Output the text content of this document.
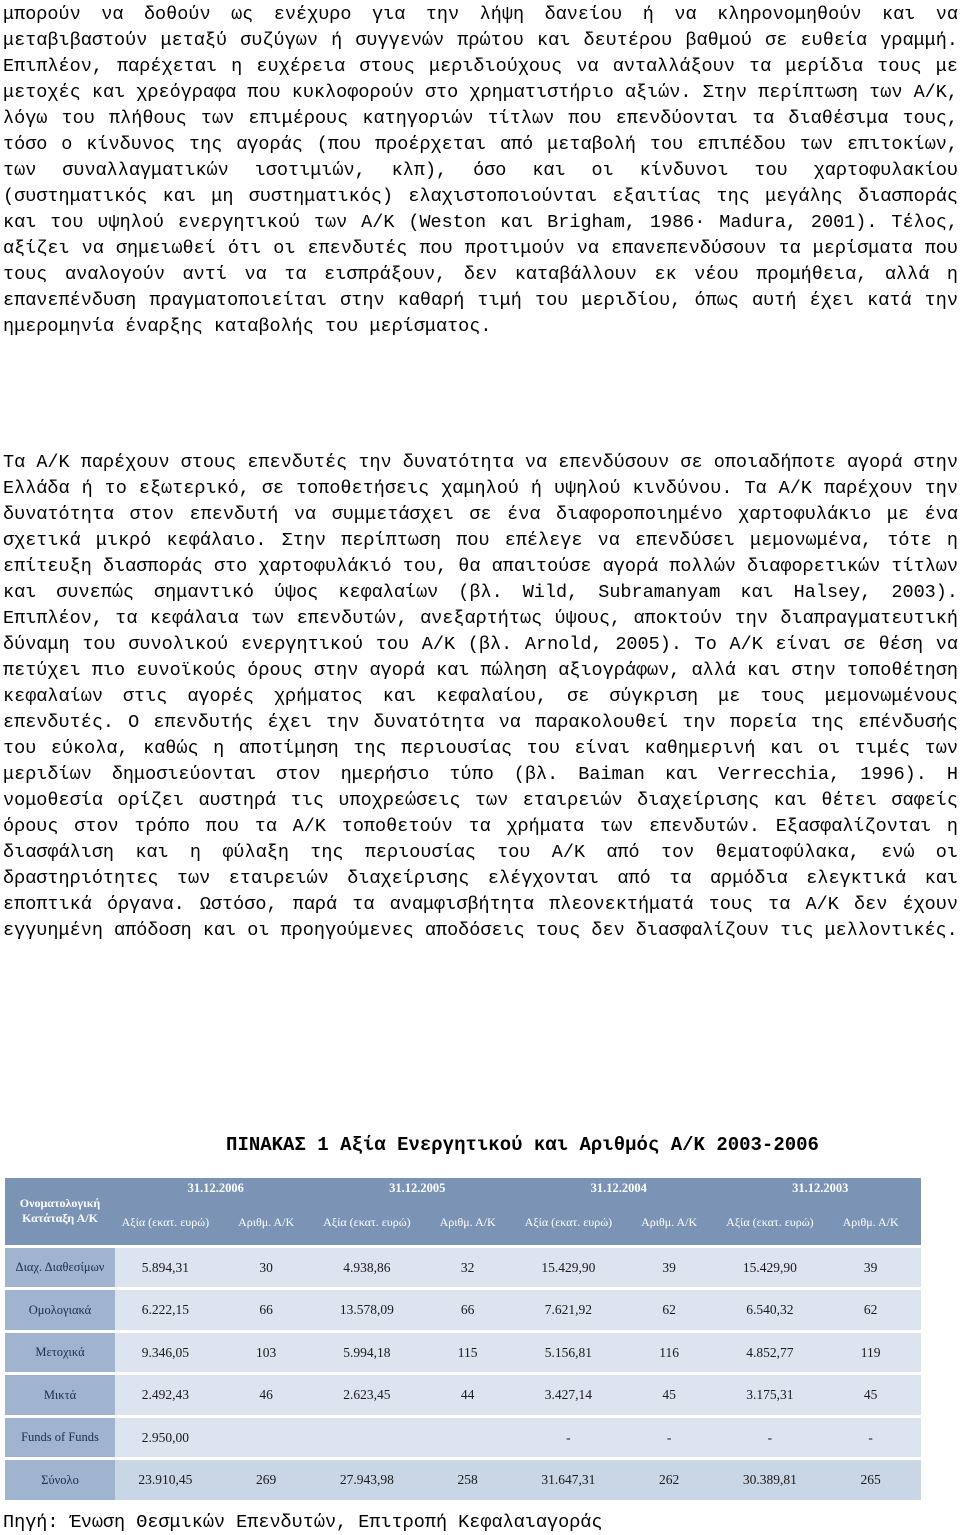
μπορούν να δοθούν ως ενέχυρο για την λήψη δανείου ή να κληρονομηθούν και να μεταβιβαστούν μεταξύ συζύγων ή συγγενών πρώτου και δευτέρου βαθμού σε ευθεία γραμμή. Επιπλέον, παρέχεται η ευχέρεια στους μεριδιούχους να ανταλλάξουν τα μερίδια τους με μετοχές και χρεόγραφα που κυκλοφορούν στο χρηματιστήριο αξιών. Στην περίπτωση των Α/Κ, λόγω του πλήθους των επιμέρους κατηγοριών τίτλων που επενδύονται τα διαθέσιμα τους, τόσο ο κίνδυνος της αγοράς (που προέρχεται από μεταβολή του επιπέδου των επιτοκίων, των συναλλαγματικών ισοτιμιών, κλπ), όσο και οι κίνδυνοι του χαρτοφυλακίου (συστηματικός και μη συστηματικός) ελαχιστοποιούνται εξαιτίας της μεγάλης διασποράς και του υψηλού ενεργητικού των Α/Κ (Weston και Brigham, 1986· Madura, 2001). Τέλος, αξίζει να σημειωθεί ότι οι επενδυτές που προτιμούν να επανεπενδύσουν τα μερίσματα που τους αναλογούν αντί να τα εισπράξουν, δεν καταβάλλουν εκ νέου προμήθεια, αλλά η επανεπένδυση πραγματοποιείται στην καθαρή τιμή του μεριδίου, όπως αυτή έχει κατά την ημερομηνία έναρξης καταβολής του μερίσματος.
Τα Α/Κ παρέχουν στους επενδυτές την δυνατότητα να επενδύσουν σε οποιαδήποτε αγορά στην Ελλάδα ή το εξωτερικό, σε τοποθετήσεις χαμηλού ή υψηλού κινδύνου. Τα Α/Κ παρέχουν την δυνατότητα στον επενδυτή να συμμετάσχει σε ένα διαφοροποιημένο χαρτοφυλάκιο με ένα σχετικά μικρό κεφάλαιο. Στην περίπτωση που επέλεγε να επενδύσει μεμονωμένα, τότε η επίτευξη διασποράς στο χαρτοφυλάκιό του, θα απαιτούσε αγορά πολλών διαφορετικών τίτλων και συνεπώς σημαντικό ύψος κεφαλαίων (βλ. Wild, Subramanyam και Halsey, 2003). Επιπλέον, τα κεφάλαια των επενδυτών, ανεξαρτήτως ύψους, αποκτούν την διαπραγματευτική δύναμη του συνολικού ενεργητικού του Α/Κ (βλ. Arnold, 2005). Το Α/Κ είναι σε θέση να πετύχει πιο ευνοϊκούς όρους στην αγορά και πώληση αξιογράφων, αλλά και στην τοποθέτηση κεφαλαίων στις αγορές χρήματος και κεφαλαίου, σε σύγκριση με τους μεμονωμένους επενδυτές. Ο επενδυτής έχει την δυνατότητα να παρακολουθεί την πορεία της επένδυσής του εύκολα, καθώς η αποτίμηση της περιουσίας του είναι καθημερινή και οι τιμές των μεριδίων δημοσιεύονται στον ημερήσιο τύπο (βλ. Baiman και Verrecchia, 1996). Η νομοθεσία ορίζει αυστηρά τις υποχρεώσεις των εταιρειών διαχείρισης και θέτει σαφείς όρους στον τρόπο που τα Α/Κ τοποθετούν τα χρήματα των επενδυτών. Εξασφαλίζονται η διασφάλιση και η φύλαξη της περιουσίας του Α/Κ από τον θεματοφύλακα, ενώ οι δραστηριότητες των εταιρειών διαχείρισης ελέγχονται από τα αρμόδια ελεγκτικά και εποπτικά όργανα. Ωστόσο, παρά τα αναμφισβήτητα πλεονεκτήματά τους τα Α/Κ δεν έχουν εγγυημένη απόδοση και οι προηγούμενες αποδόσεις τους δεν διασφαλίζουν τις μελλοντικές.
ΠΙΝΑΚΑΣ 1 Αξία Ενεργητικού και Αριθμός Α/Κ 2003-2006
Ονοματολογική Κατάταξη Α/Κ	31.12.2006		31.12.2005		31.12.2004		31.12.2003	
	Αξία (εκατ. ευρώ)	Αριθμ. Α/Κ	Αξία (εκατ. ευρώ)	Αριθμ. Α/Κ	Αξία (εκατ. ευρώ)	Αριθμ. Α/Κ	Αξία (εκατ. ευρώ)	Αριθμ. Α/Κ
Διαχ. Διαθεσίμων	5.894,31	30	4.938,86	32	15.429,90	39	15.429,90	39
Ομολογιακά	6.222,15	66	13.578,09	66	7.621,92	62	6.540,32	62
Μετοχικά	9.346,05	103	5.994,18	115	5.156,81	116	4.852,77	119
Μικτά	2.492,43	46	2.623,45	44	3.427,14	45	3.175,31	45
Funds of Funds	2.950,00				-	-	-	-
Σύνολο	23.910,45	269	27.943,98	258	31.647,31	262	30.389,81	265
Πηγή: Ένωση Θεσμικών Επενδυτών, Επιτροπή Κεφαλαιαγοράς
